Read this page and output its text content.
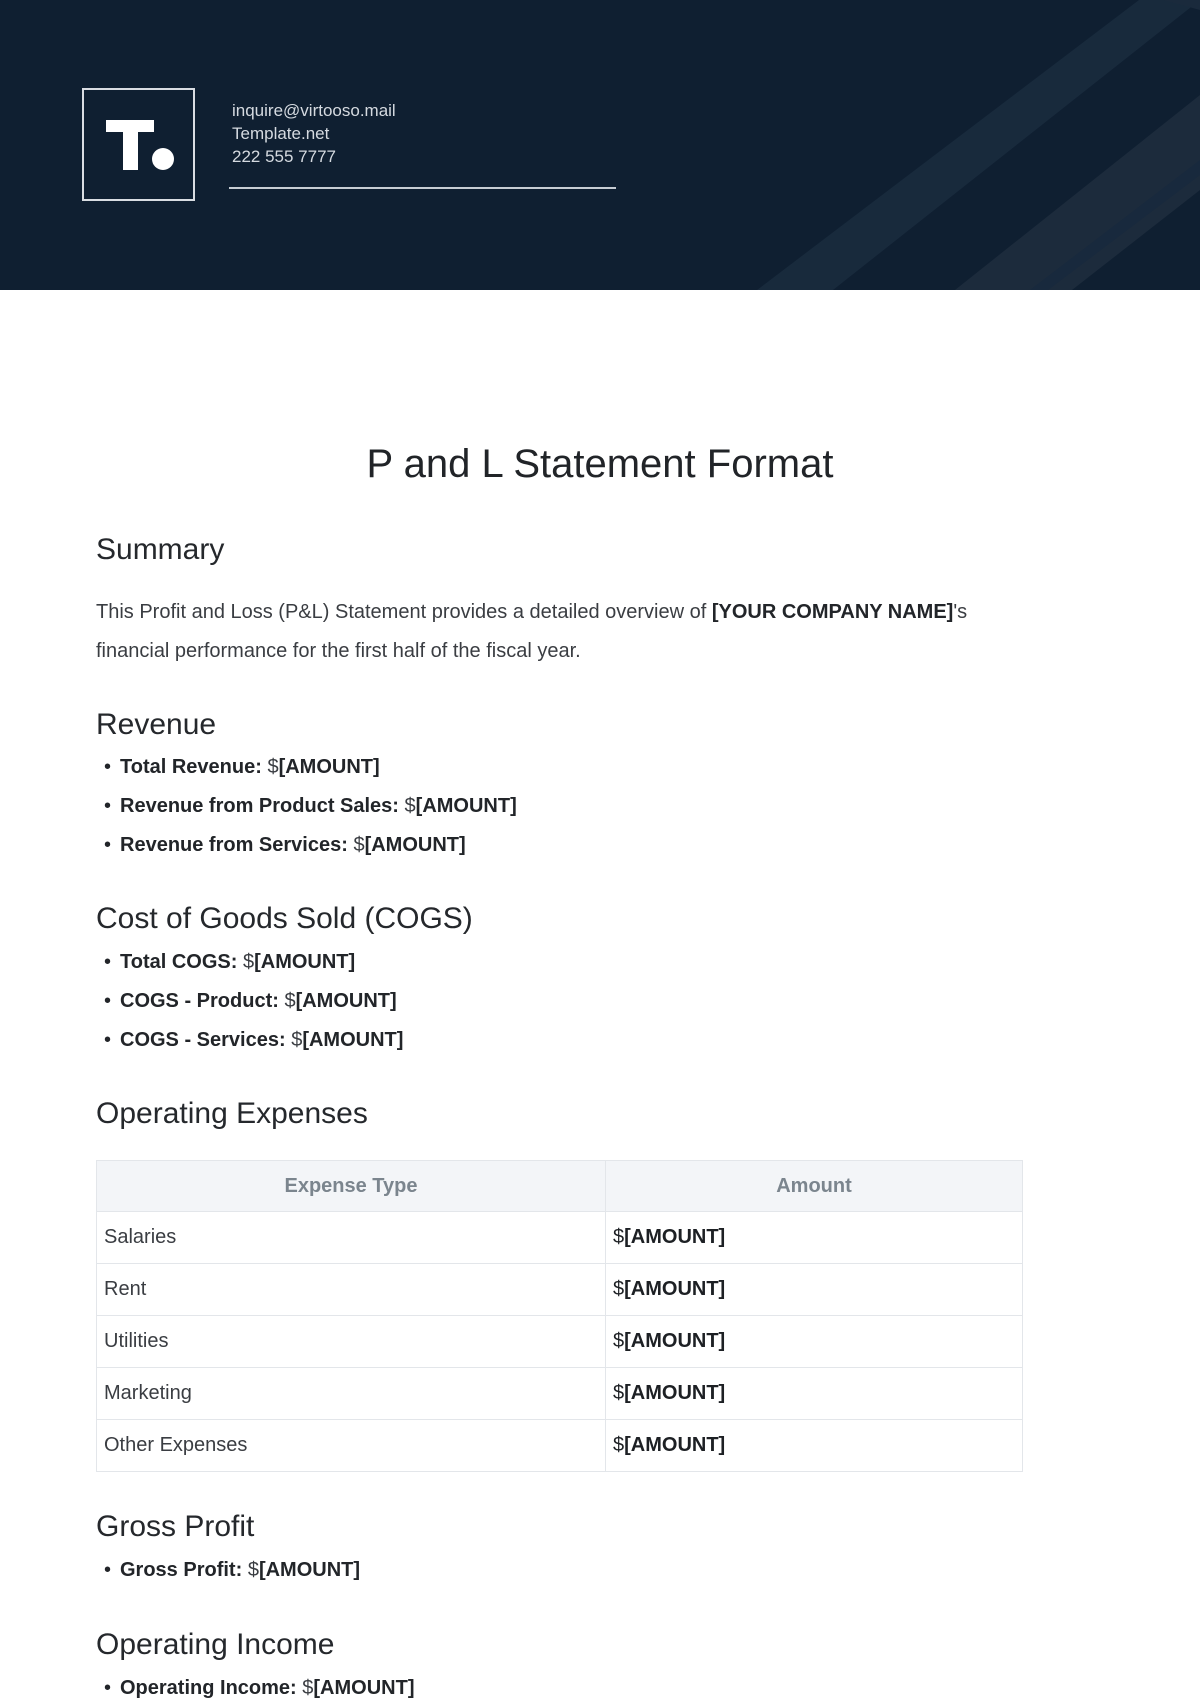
inquire@virtooso.mail
Template.net
222 555 7777
P and L Statement Format
Summary

This Profit and Loss (P&L) Statement provides a detailed overview of [YOUR COMPANY NAME]'s financial performance for the first half of the fiscal year.

Revenue
• Total Revenue: $[AMOUNT]
• Revenue from Product Sales: $[AMOUNT]
• Revenue from Services: $[AMOUNT]
Cost of Goods Sold (COGS)
• Total COGS: $[AMOUNT]
• COGS - Product: $[AMOUNT]
• COGS - Services: $[AMOUNT]
Operating Expenses
Expense Type	Amount
Salaries	$[AMOUNT]
Rent	$[AMOUNT]
Utilities	$[AMOUNT]
Marketing	$[AMOUNT]
Other Expenses	$[AMOUNT]
Gross Profit
• Gross Profit: $[AMOUNT]
Operating Income
• Operating Income: $[AMOUNT]
